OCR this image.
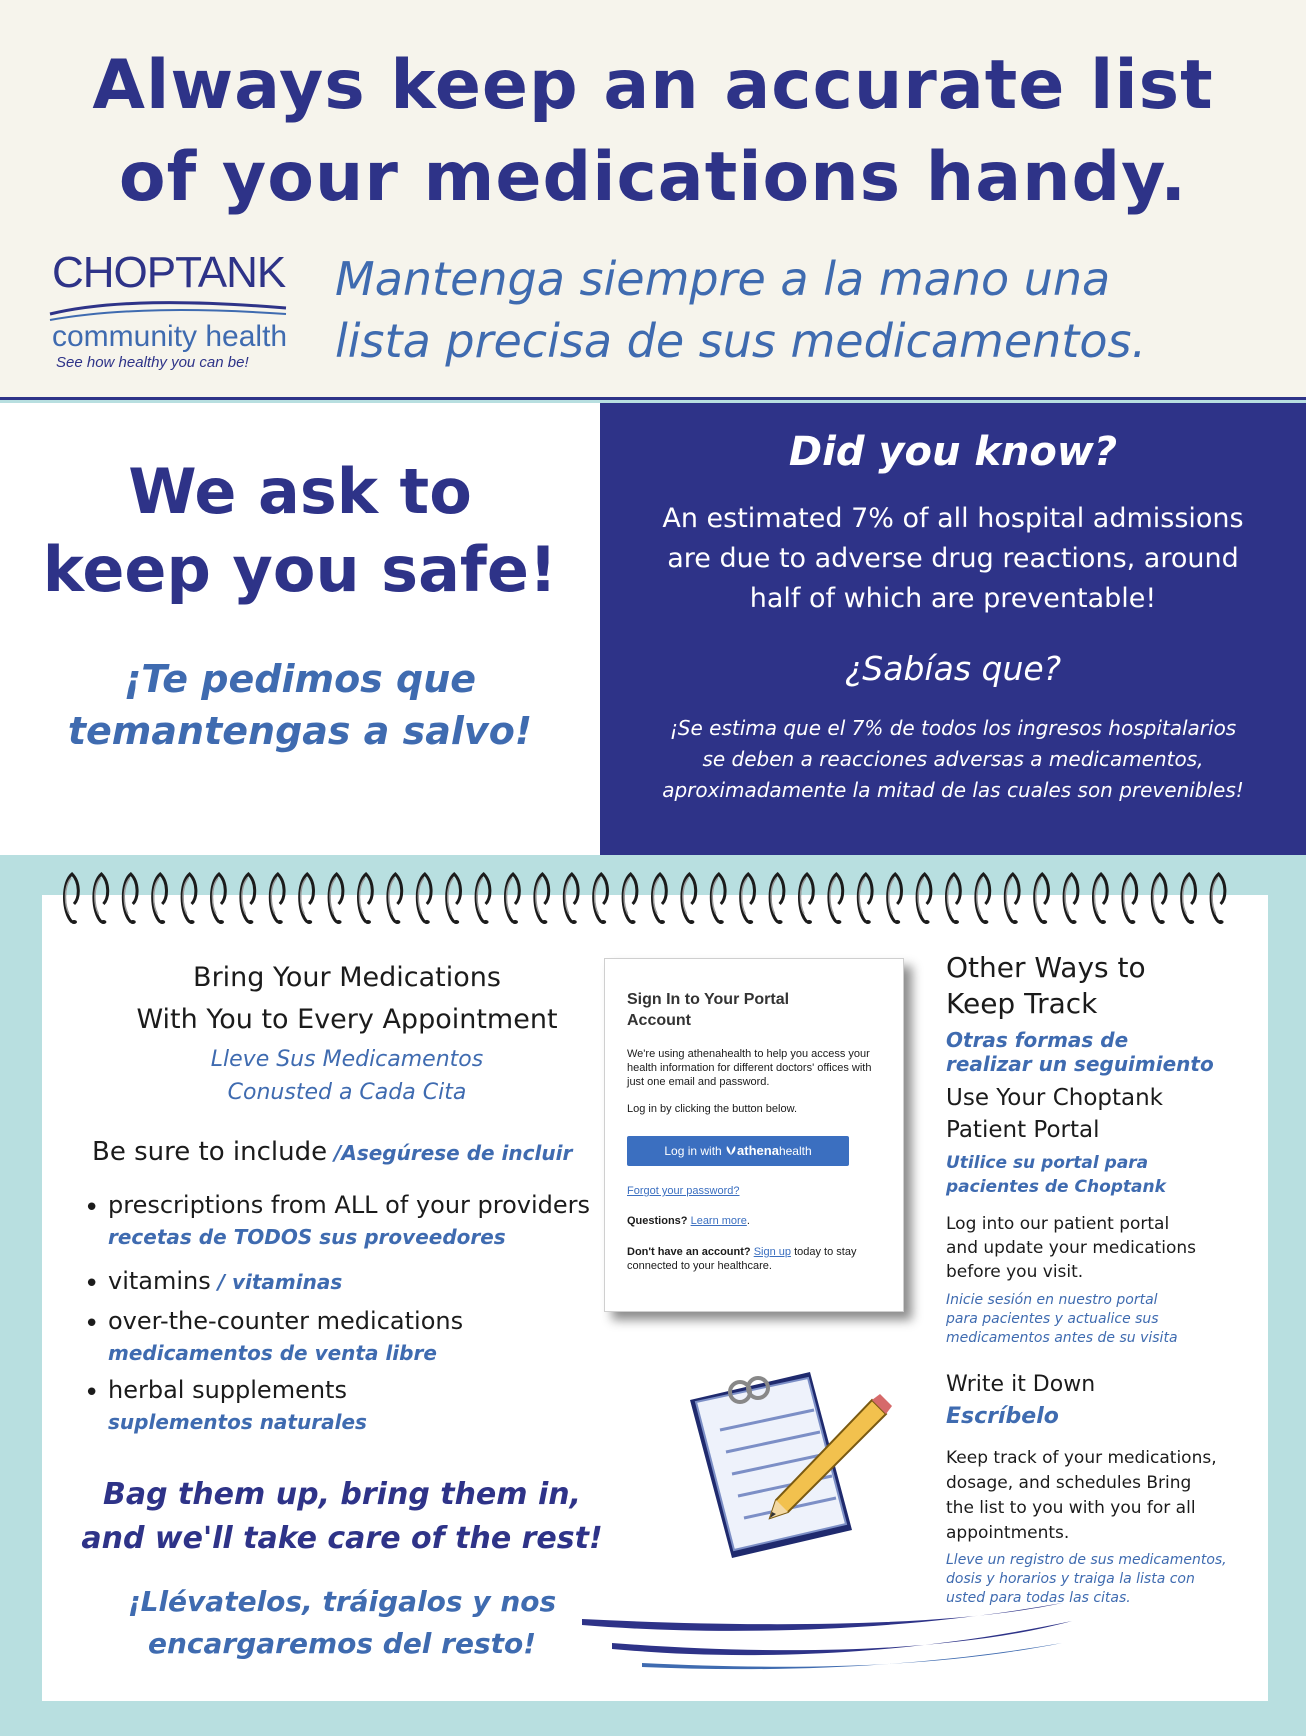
Always keep an accurate list
of your medications handy.
CHOPTANK
community health
See how healthy you can be!
Mantenga siempre a la mano una
lista precisa de sus medicamentos.
We ask to
keep you safe!
¡Te pedimos que
temantengas a salvo!
Did you know?
An estimated 7% of all hospital admissions
are due to adverse drug reactions, around
half of which are preventable!
¿Sabías que?
¡Se estima que el 7% de todos los ingresos hospitalarios
se deben a reacciones adversas a medicamentos,
aproximadamente la mitad de las cuales son prevenibles!
Bring Your Medications
With You to Every Appointment
Lleve Sus Medicamentos
Conusted a Cada Cita
Be sure to include /Asegúrese de incluir
• prescriptions from ALL of your providers
recetas de TODOS sus proveedores
• vitamins / vitaminas
• over-the-counter medications
medicamentos de venta libre
• herbal supplements
suplementos naturales
Bag them up, bring them in,
and we'll take care of the rest!
¡Llévatelos, tráigalos y nos
encargaremos del resto!
Sign In to Your Portal
Account
We're using athenahealth to help you access your health information for different doctors' offices with just one email and password.
Log in by clicking the button below.
Log in with athenahealth
Forgot your password?
Questions? Learn more.
Don't have an account? Sign up today to stay connected to your healthcare.
Other Ways to
Keep Track
Otras formas de
realizar un seguimiento
Use Your Choptank
Patient Portal
Utilice su portal para
pacientes de Choptank
Log into our patient portal
and update your medications
before you visit.
Inicie sesión en nuestro portal
para pacientes y actualice sus
medicamentos antes de su visita
Write it Down
Escríbelo
Keep track of your medications,
dosage, and schedules Bring
the list to you with you for all
appointments.
Lleve un registro de sus medicamentos,
dosis y horarios y traiga la lista con
usted para todas las citas.
